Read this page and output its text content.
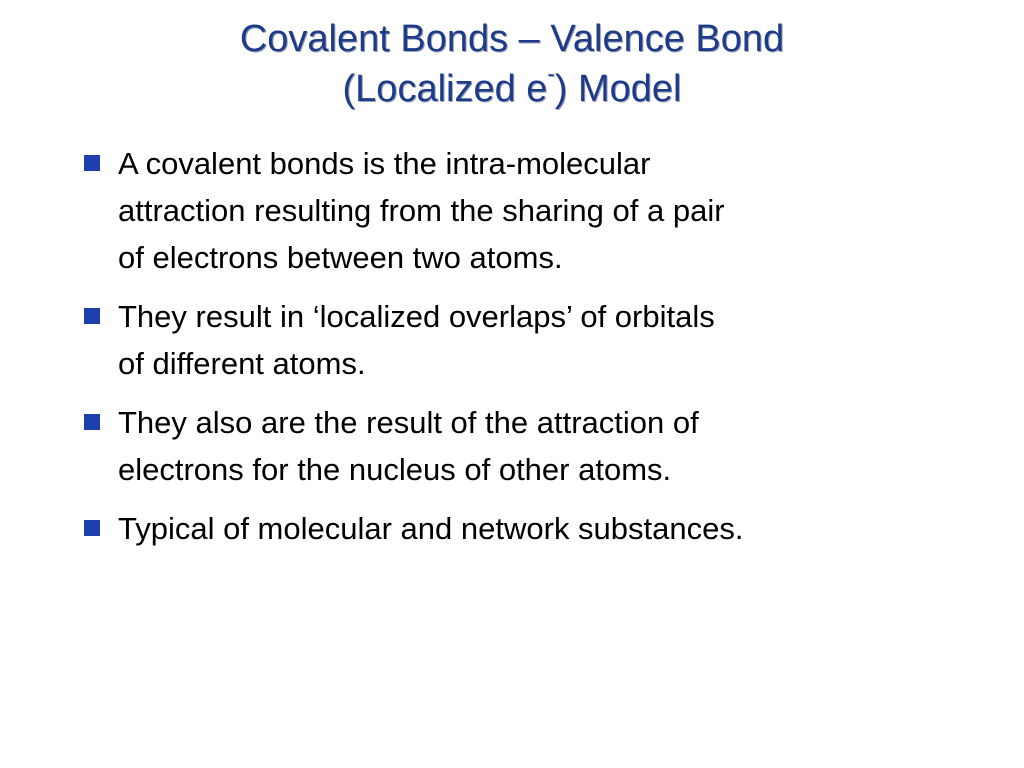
Covalent Bonds – Valence Bond
(Localized e-) Model
A covalent bonds is the intra-molecular
attraction resulting from the sharing of a pair
of electrons between two atoms.
They result in ‘localized overlaps’ of orbitals
of different atoms.
They also are the result of the attraction of
electrons for the nucleus of other atoms.
Typical of molecular and network substances.
